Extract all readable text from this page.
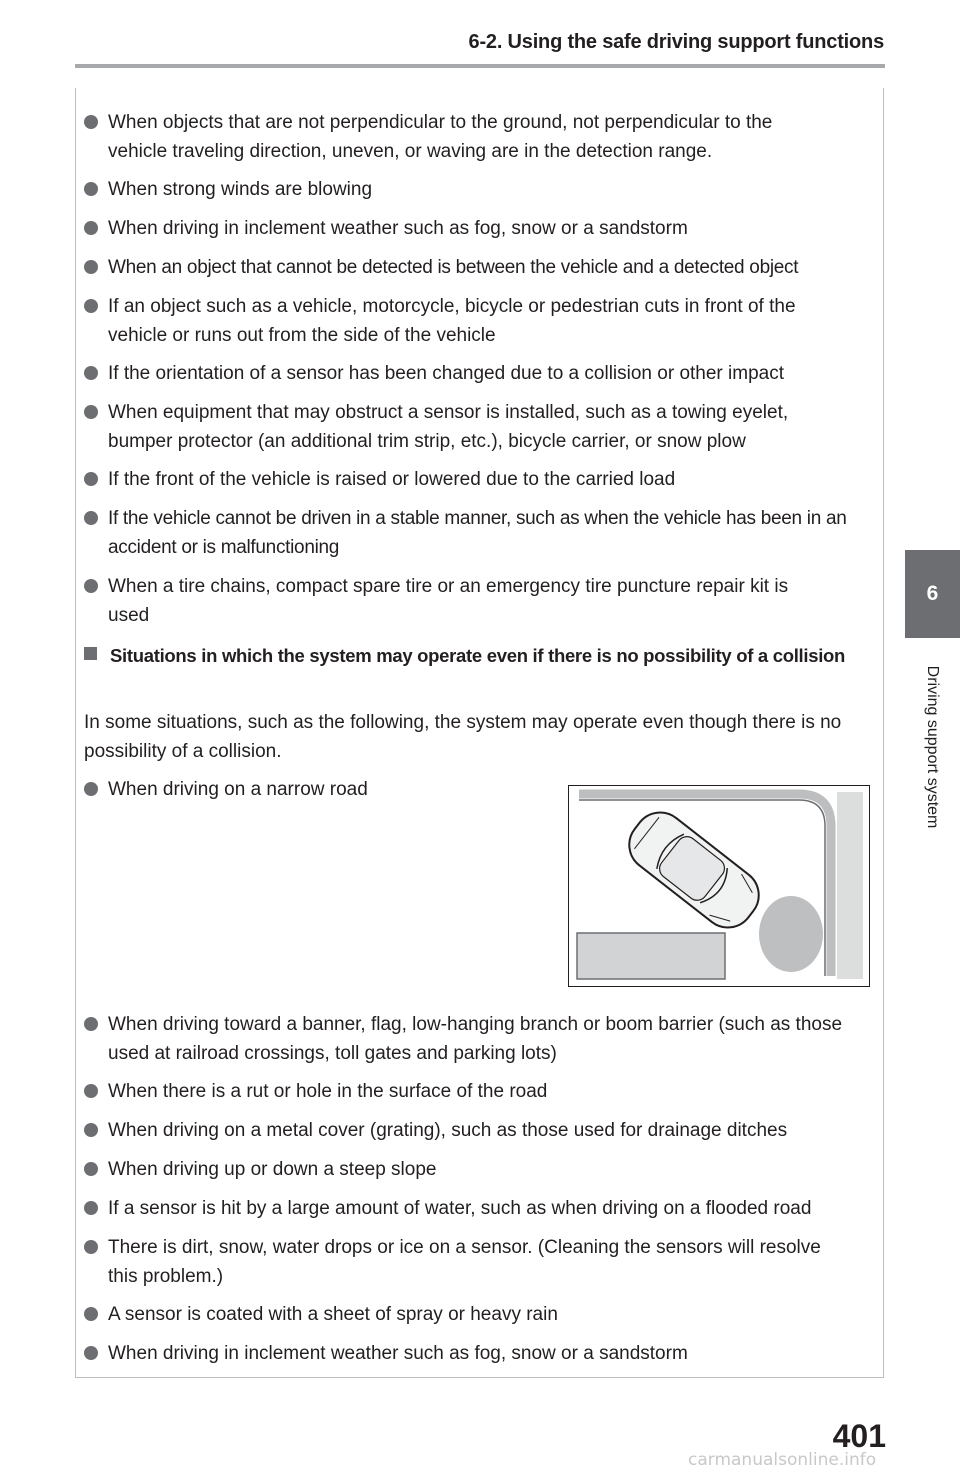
6-2. Using the safe driving support functions
6
Driving support system
When objects that are not perpendicular to the ground, not perpendicular to the vehicle traveling direction, uneven, or waving are in the detection range.
When strong winds are blowing
When driving in inclement weather such as fog, snow or a sandstorm
When an object that cannot be detected is between the vehicle and a detected object
If an object such as a vehicle, motorcycle, bicycle or pedestrian cuts in front of the vehicle or runs out from the side of the vehicle
If the orientation of a sensor has been changed due to a collision or other impact
When equipment that may obstruct a sensor is installed, such as a towing eyelet, bumper protector (an additional trim strip, etc.), bicycle carrier, or snow plow
If the front of the vehicle is raised or lowered due to the carried load
If the vehicle cannot be driven in a stable manner, such as when the vehicle has been in an accident or is malfunctioning
When a tire chains, compact spare tire or an emergency tire puncture repair kit is used
Situations in which the system may operate even if there is no possibility of a collision
In some situations, such as the following, the system may operate even though there is no possibility of a collision.
When driving on a narrow road
When driving toward a banner, flag, low-hanging branch or boom barrier (such as those used at railroad crossings, toll gates and parking lots)
When there is a rut or hole in the surface of the road
When driving on a metal cover (grating), such as those used for drainage ditches
When driving up or down a steep slope
If a sensor is hit by a large amount of water, such as when driving on a flooded road
There is dirt, snow, water drops or ice on a sensor. (Cleaning the sensors will resolve this problem.)
A sensor is coated with a sheet of spray or heavy rain
When driving in inclement weather such as fog, snow or a sandstorm
401
carmanualsonline.info
